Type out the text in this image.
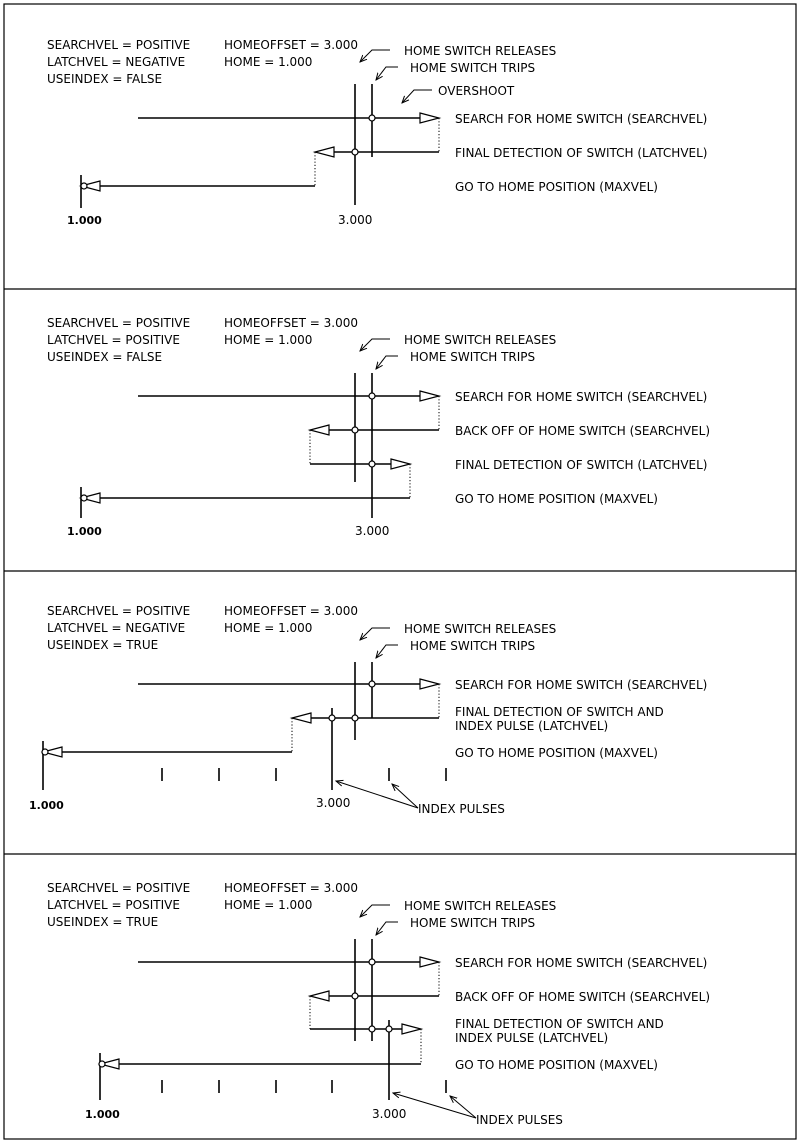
SEARCHVEL = POSITIVE
LATCHVEL = NEGATIVE
USEINDEX = FALSE
HOMEOFFSET = 3.000
HOME = 1.000
HOME SWITCH RELEASES
HOME SWITCH TRIPS
OVERSHOOT
SEARCH FOR HOME SWITCH (SEARCHVEL)
FINAL DETECTION OF SWITCH (LATCHVEL)
GO TO HOME POSITION (MAXVEL)
1.000	3.000
SEARCHVEL = POSITIVE
LATCHVEL = POSITIVE
USEINDEX = FALSE
HOMEOFFSET = 3.000
HOME = 1.000	HOME SWITCH RELEASES
HOME SWITCH TRIPS
SEARCH FOR HOME SWITCH (SEARCHVEL)
BACK OFF OF HOME SWITCH (SEARCHVEL)
FINAL DETECTION OF SWITCH (LATCHVEL)
GO TO HOME POSITION (MAXVEL)
1.000	3.000
SEARCHVEL = POSITIVE
LATCHVEL = NEGATIVE
USEINDEX = TRUE
HOMEOFFSET = 3.000
HOME = 1.000	HOME SWITCH RELEASES
HOME SWITCH TRIPS
SEARCH FOR HOME SWITCH (SEARCHVEL)
FINAL DETECTION OF SWITCH AND
INDEX PULSE (LATCHVEL)
GO TO HOME POSITION (MAXVEL)
INDEX PULSES
1.000	3.000
SEARCHVEL = POSITIVE
LATCHVEL = POSITIVE
USEINDEX = TRUE
HOMEOFFSET = 3.000
HOME = 1.000	HOME SWITCH RELEASES
HOME SWITCH TRIPS
SEARCH FOR HOME SWITCH (SEARCHVEL)
BACK OFF OF HOME SWITCH (SEARCHVEL)
FINAL DETECTION OF SWITCH AND
INDEX PULSE (LATCHVEL)
GO TO HOME POSITION (MAXVEL)
INDEX PULSES
1.000	3.000
